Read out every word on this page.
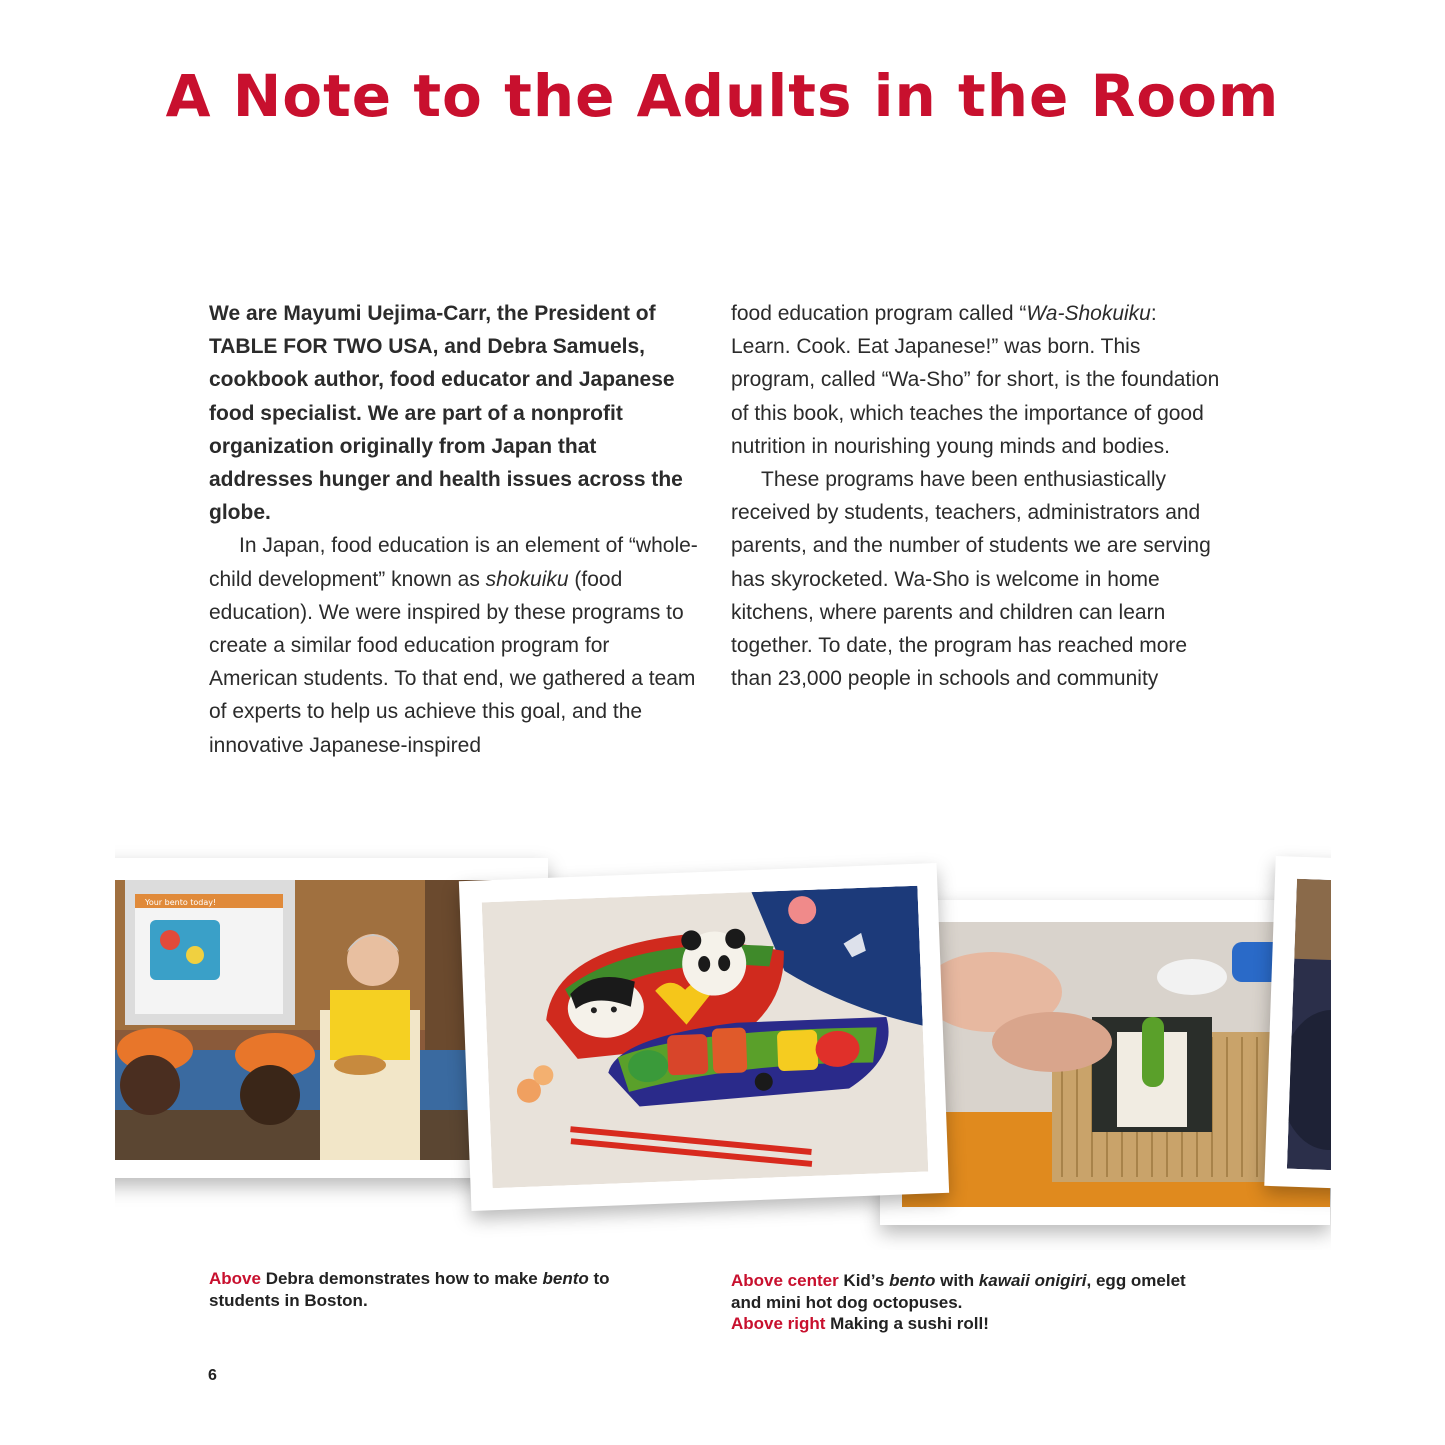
A Note to the Adults in the Room

We are Mayumi Uejima-Carr, the President of TABLE FOR TWO USA, and Debra Samuels, cookbook author, food educator and Japanese food specialist. We are part of a nonprofit organization originally from Japan that addresses hunger and health issues across the globe.

In Japan, food education is an element of “whole-child development” known as shokuiku (food education). We were inspired by these programs to create a similar food education program for American students. To that end, we gathered a team of experts to help us achieve this goal, and the innovative Japanese-inspired

food education program called “Wa-Shokuiku: Learn. Cook. Eat Japanese!” was born. This program, called “Wa-Sho” for short, is the foundation of this book, which teaches the importance of good nutrition in nourishing young minds and bodies.

These programs have been enthusiastically received by students, teachers, administrators and parents, and the number of students we are serving has skyrocketed. Wa-Sho is welcome in home kitchens, where parents and children can learn together. To date, the program has reached more than 23,000 people in schools and community

Your bento today!
Above Debra demonstrates how to make bento to students in Boston.
Above center Kid’s bento with kawaii onigiri, egg omelet and mini hot dog octopuses.
Above right Making a sushi roll!
6
